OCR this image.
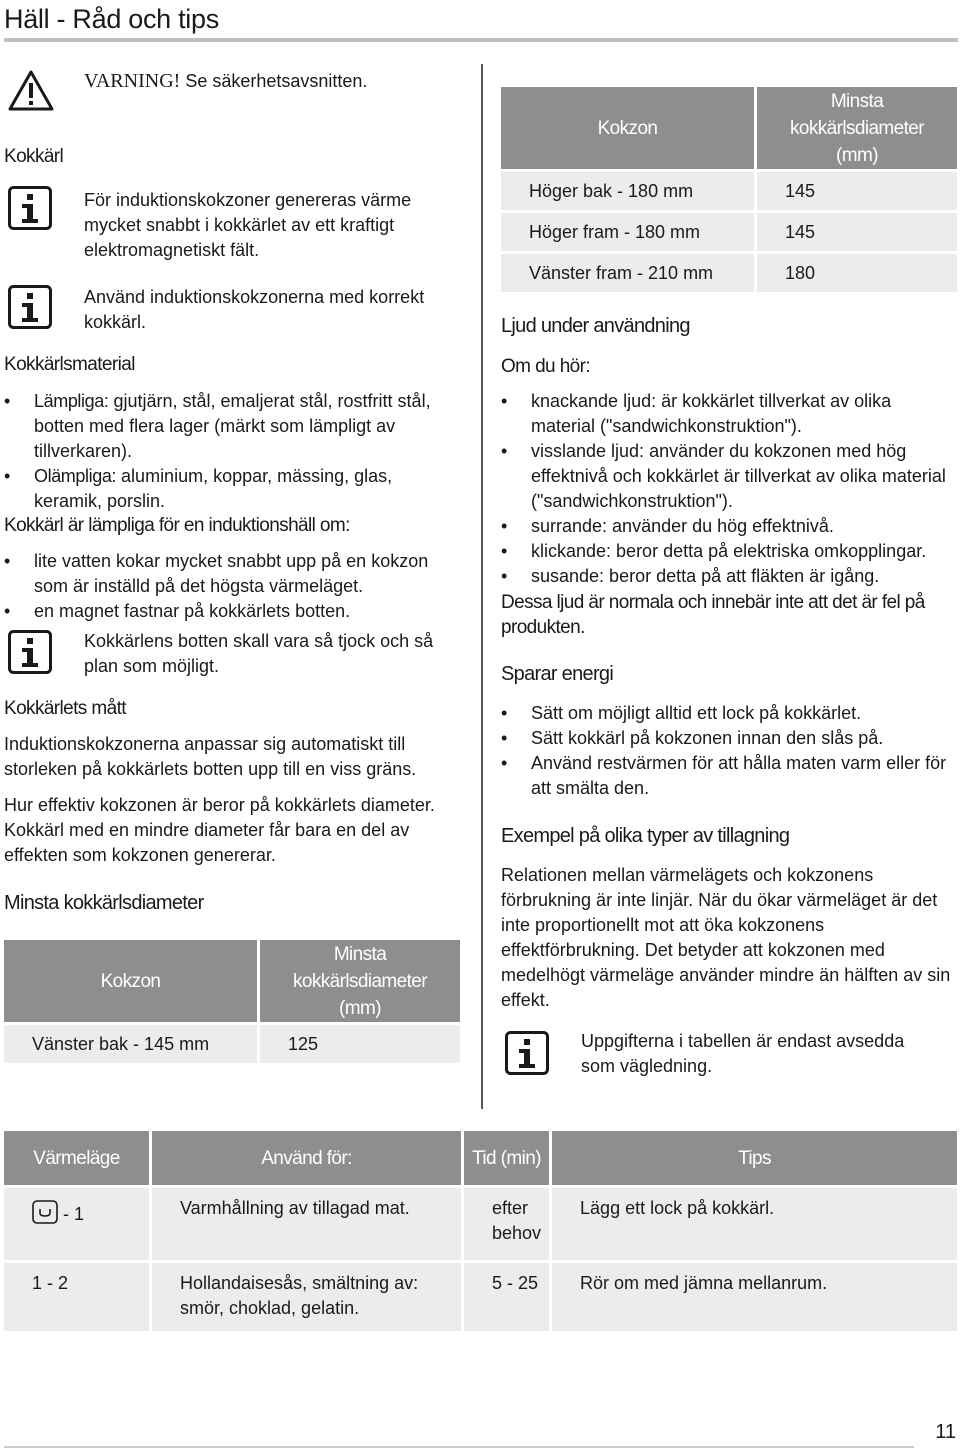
Häll - Råd och tips
VARNING! Se säkerhetsavsnitten.
Kokkärl
För induktionskokzoner genereras värme mycket snabbt i kokkärlet av ett kraftigt elektromagnetiskt fält.
Använd induktionskokzonerna med korrekt kokkärl.
Kokkärlsmaterial
• Lämpliga: gjutjärn, stål, emaljerat stål, rostfritt stål, botten med flera lager (märkt som lämpligt av tillverkaren).
• Olämpliga: aluminium, koppar, mässing, glas, keramik, porslin.
Kokkärl är lämpliga för en induktionshäll om:
• lite vatten kokar mycket snabbt upp på en kokzon som är inställd på det högsta värmeläget.
• en magnet fastnar på kokkärlets botten.
Kokkärlens botten skall vara så tjock och så plan som möjligt.
Kokkärlets mått
Induktionskokzonerna anpassar sig automatiskt till storleken på kokkärlets botten upp till en viss gräns.
Hur effektiv kokzonen är beror på kokkärlets diameter. Kokkärl med en mindre diameter får bara en del av effekten som kokzonen genererar.
Minsta kokkärlsdiameter
Kokzon	Minsta kokkärlsdiameter (mm)
Vänster bak - 145 mm	125
Kokzon	Minsta kokkärlsdiameter (mm)
Höger bak - 180 mm	145
Höger fram - 180 mm	145
Vänster fram - 210 mm	180
Ljud under användning
Om du hör:
• knackande ljud: är kokkärlet tillverkat av olika material ("sandwichkonstruktion").
• visslande ljud: använder du kokzonen med hög effektnivå och kokkärlet är tillverkat av olika material ("sandwichkonstruktion").
• surrande: använder du hög effektnivå.
• klickande: beror detta på elektriska omkopplingar.
• susande: beror detta på att fläkten är igång.
Dessa ljud är normala och innebär inte att det är fel på produkten.
Sparar energi
• Sätt om möjligt alltid ett lock på kokkärlet.
• Sätt kokkärl på kokzonen innan den slås på.
• Använd restvärmen för att hålla maten varm eller för att smälta den.
Exempel på olika typer av tillagning
Relationen mellan värmelägets och kokzonens förbrukning är inte linjär. När du ökar värmeläget är det inte proportionellt mot att öka kokzonens effektförbrukning. Det betyder att kokzonen med medelhögt värmeläge använder mindre än hälften av sin effekt.
Uppgifterna i tabellen är endast avsedda som vägledning.
Värmeläge	Använd för:	Tid (min)	Tips
- 1	Varmhållning av tillagad mat.	efter behov	Lägg ett lock på kokkärl.
1 - 2	Hollandaisesås, smältning av: smör, choklad, gelatin.	5 - 25	Rör om med jämna mellanrum.
11
